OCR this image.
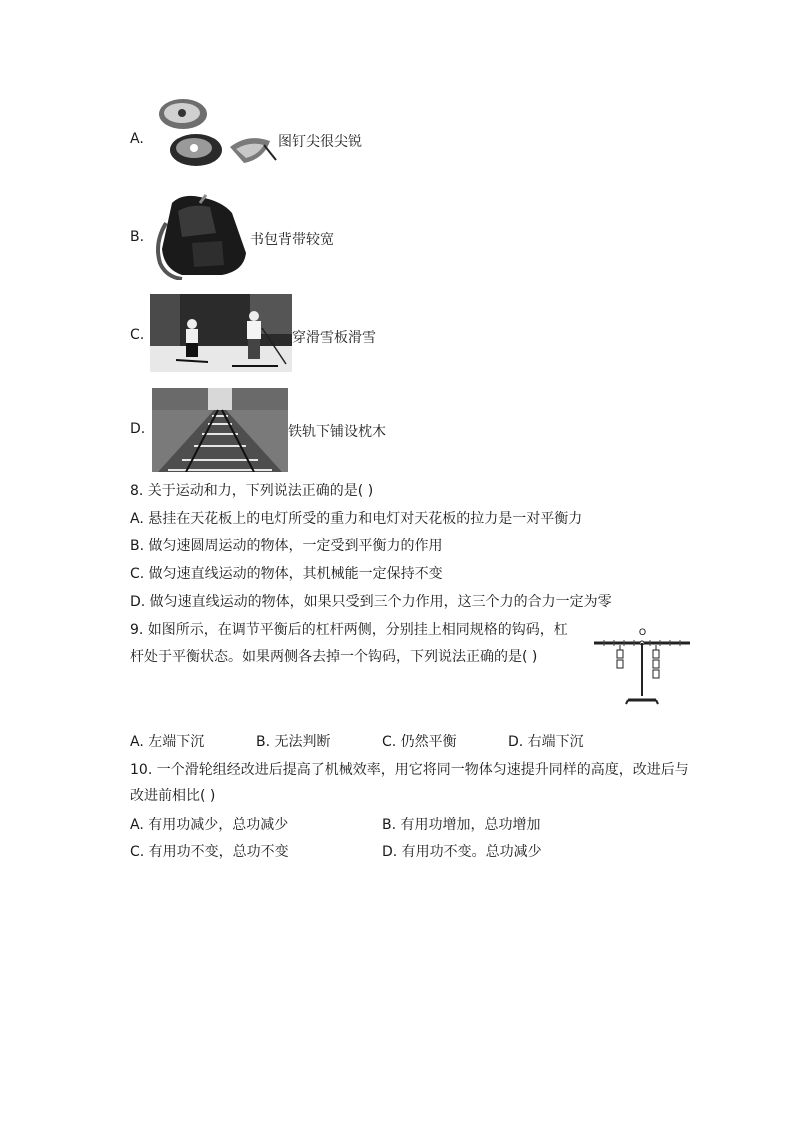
A.	图钉尖很尖锐
B.	书包背带较宽
C.	穿滑雪板滑雪
D.	铁轨下铺设枕木
8. 关于运动和力，下列说法正确的是( )
A. 悬挂在天花板上的电灯所受的重力和电灯对天花板的拉力是一对平衡力
B. 做匀速圆周运动的物体，一定受到平衡力的作用
C. 做匀速直线运动的物体，其机械能一定保持不变
D. 做匀速直线运动的物体，如果只受到三个力作用，这三个力的合力一定为零
9. 如图所示，在调节平衡后的杠杆两侧，分别挂上相同规格的钩码，杠
杆处于平衡状态。如果两侧各去掉一个钩码，下列说法正确的是( )
O
A. 左端下沉	B. 无法判断	C. 仍然平衡	D. 右端下沉
10. 一个滑轮组经改进后提高了机械效率，用它将同一物体匀速提升同样的高度，改进后与
改进前相比( )
A. 有用功减少，总功减少	B. 有用功增加，总功增加
C. 有用功不变，总功不变	D. 有用功不变。总功减少
